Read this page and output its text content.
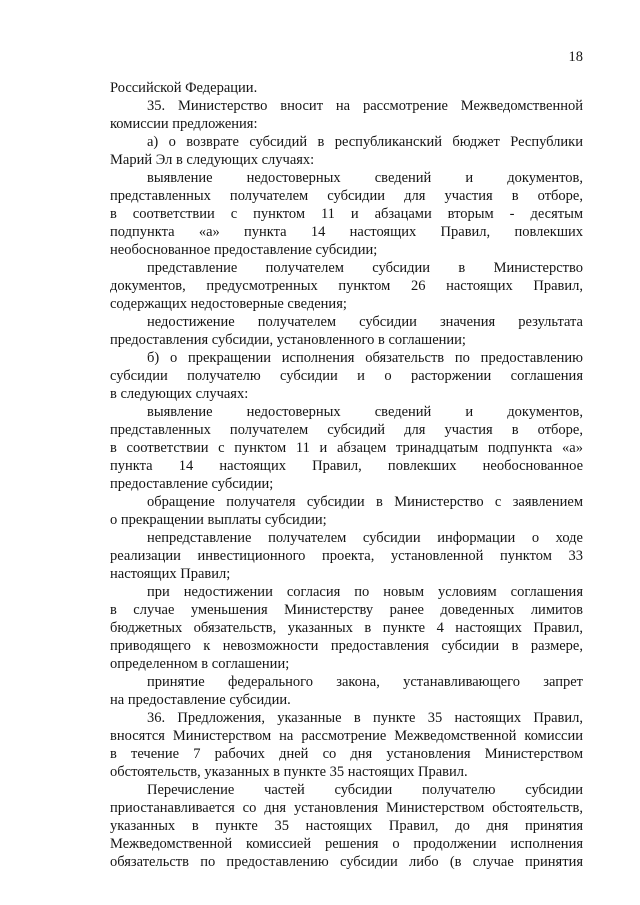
18
Российской Федерации.
35. Министерство вносит на рассмотрение Межведомственной
комиссии предложения:
а) о возврате субсидий в республиканский бюджет Республики
Марий Эл в следующих случаях:
выявление недостоверных сведений и документов,
представленных получателем субсидии для участия в отборе,
в соответствии с пунктом 11 и абзацами вторым - десятым
подпункта «а» пункта 14 настоящих Правил, повлекших
необоснованное предоставление субсидии;
представление получателем субсидии в Министерство
документов, предусмотренных пунктом 26 настоящих Правил,
содержащих недостоверные сведения;
недостижение получателем субсидии значения результата
предоставления субсидии, установленного в соглашении;
б) о прекращении исполнения обязательств по предоставлению
субсидии получателю субсидии и о расторжении соглашения
в следующих случаях:
выявление недостоверных сведений и документов,
представленных получателем субсидий для участия в отборе,
в соответствии с пунктом 11 и абзацем тринадцатым подпункта «а»
пункта 14 настоящих Правил, повлекших необоснованное
предоставление субсидии;
обращение получателя субсидии в Министерство с заявлением
о прекращении выплаты субсидии;
непредставление получателем субсидии информации о ходе
реализации инвестиционного проекта, установленной пунктом 33
настоящих Правил;
при недостижении согласия по новым условиям соглашения
в случае уменьшения Министерству ранее доведенных лимитов
бюджетных обязательств, указанных в пункте 4 настоящих Правил,
приводящего к невозможности предоставления субсидии в размере,
определенном в соглашении;
принятие федерального закона, устанавливающего запрет
на предоставление субсидии.
36. Предложения, указанные в пункте 35 настоящих Правил,
вносятся Министерством на рассмотрение Межведомственной комиссии
в течение 7 рабочих дней со дня установления Министерством
обстоятельств, указанных в пункте 35 настоящих Правил.
Перечисление частей субсидии получателю субсидии
приостанавливается со дня установления Министерством обстоятельств,
указанных в пункте 35 настоящих Правил, до дня принятия
Межведомственной комиссией решения о продолжении исполнения
обязательств по предоставлению субсидии либо (в случае принятия
